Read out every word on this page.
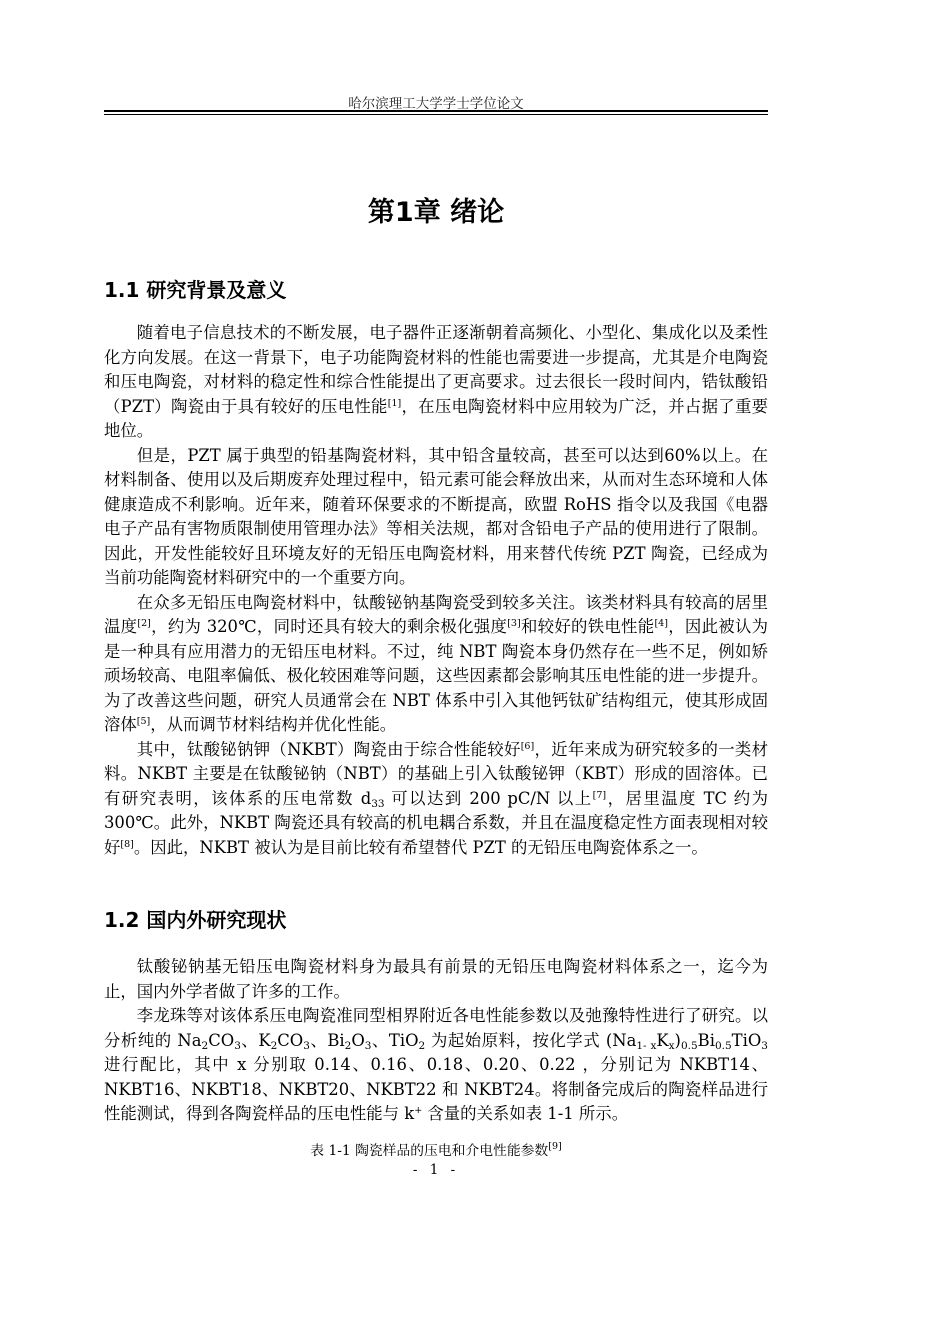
哈尔滨理工大学学士学位论文
第1章 绪论
1.1 研究背景及意义

随着电子信息技术的不断发展，电子器件正逐渐朝着高频化、小型化、集成化以及柔性化方向发展。在这一背景下，电子功能陶瓷材料的性能也需要进一步提高，尤其是介电陶瓷和压电陶瓷，对材料的稳定性和综合性能提出了更高要求。过去很长一段时间内，锆钛酸铅（PZT）陶瓷由于具有较好的压电性能[1]，在压电陶瓷材料中应用较为广泛，并占据了重要地位。

但是，PZT 属于典型的铅基陶瓷材料，其中铅含量较高，甚至可以达到60%以上。在材料制备、使用以及后期废弃处理过程中，铅元素可能会释放出来，从而对生态环境和人体健康造成不利影响。近年来，随着环保要求的不断提高，欧盟 RoHS 指令以及我国《电器电子产品有害物质限制使用管理办法》等相关法规，都对含铅电子产品的使用进行了限制。因此，开发性能较好且环境友好的无铅压电陶瓷材料，用来替代传统 PZT 陶瓷，已经成为当前功能陶瓷材料研究中的一个重要方向。

在众多无铅压电陶瓷材料中，钛酸铋钠基陶瓷受到较多关注。该类材料具有较高的居里温度[2]，约为 320℃，同时还具有较大的剩余极化强度[3]和较好的铁电性能[4]，因此被认为是一种具有应用潜力的无铅压电材料。不过，纯 NBT 陶瓷本身仍然存在一些不足，例如矫顽场较高、电阻率偏低、极化较困难等问题，这些因素都会影响其压电性能的进一步提升。为了改善这些问题，研究人员通常会在 NBT 体系中引入其他钙钛矿结构组元，使其形成固溶体[5]，从而调节材料结构并优化性能。

其中，钛酸铋钠钾（NKBT）陶瓷由于综合性能较好[6]，近年来成为研究较多的一类材料。NKBT 主要是在钛酸铋钠（NBT）的基础上引入钛酸铋钾（KBT）形成的固溶体。已有研究表明，该体系的压电常数 $d_{33}$ 可以达到 200 pC/N 以上[7]，居里温度 TC 约为 300℃。此外，NKBT 陶瓷还具有较高的机电耦合系数，并且在温度稳定性方面表现相对较好[8]。因此，NKBT 被认为是目前比较有希望替代 PZT 的无铅压电陶瓷体系之一。

1.2 国内外研究现状

钛酸铋钠基无铅压电陶瓷材料身为最具有前景的无铅压电陶瓷材料体系之一，迄今为止，国内外学者做了许多的工作。

李龙珠等对该体系压电陶瓷准同型相界附近各电性能参数以及弛豫特性进行了研究。以分析纯的 $Na_2CO_3$、$K_2CO_3$、$Bi_2O_3$、TiO$_2$ 为起始原料，按化学式 $(Na_{1- x}K_x)_{0.5}Bi_{0.5}TiO_3$ 进行配比，其中 x 分别取 0.14、0.16、0.18、0.20、0.22 ，分别记为 NKBT14、NKBT16、NKBT18、NKBT20、NKBT22 和 NKBT24。将制备完成后的陶瓷样品进行性能测试，得到各陶瓷样品的压电性能与 k+ 含量的关系如表 1-1 所示。

表 1-1 陶瓷样品的压电和介电性能参数[9]
- 1 -
